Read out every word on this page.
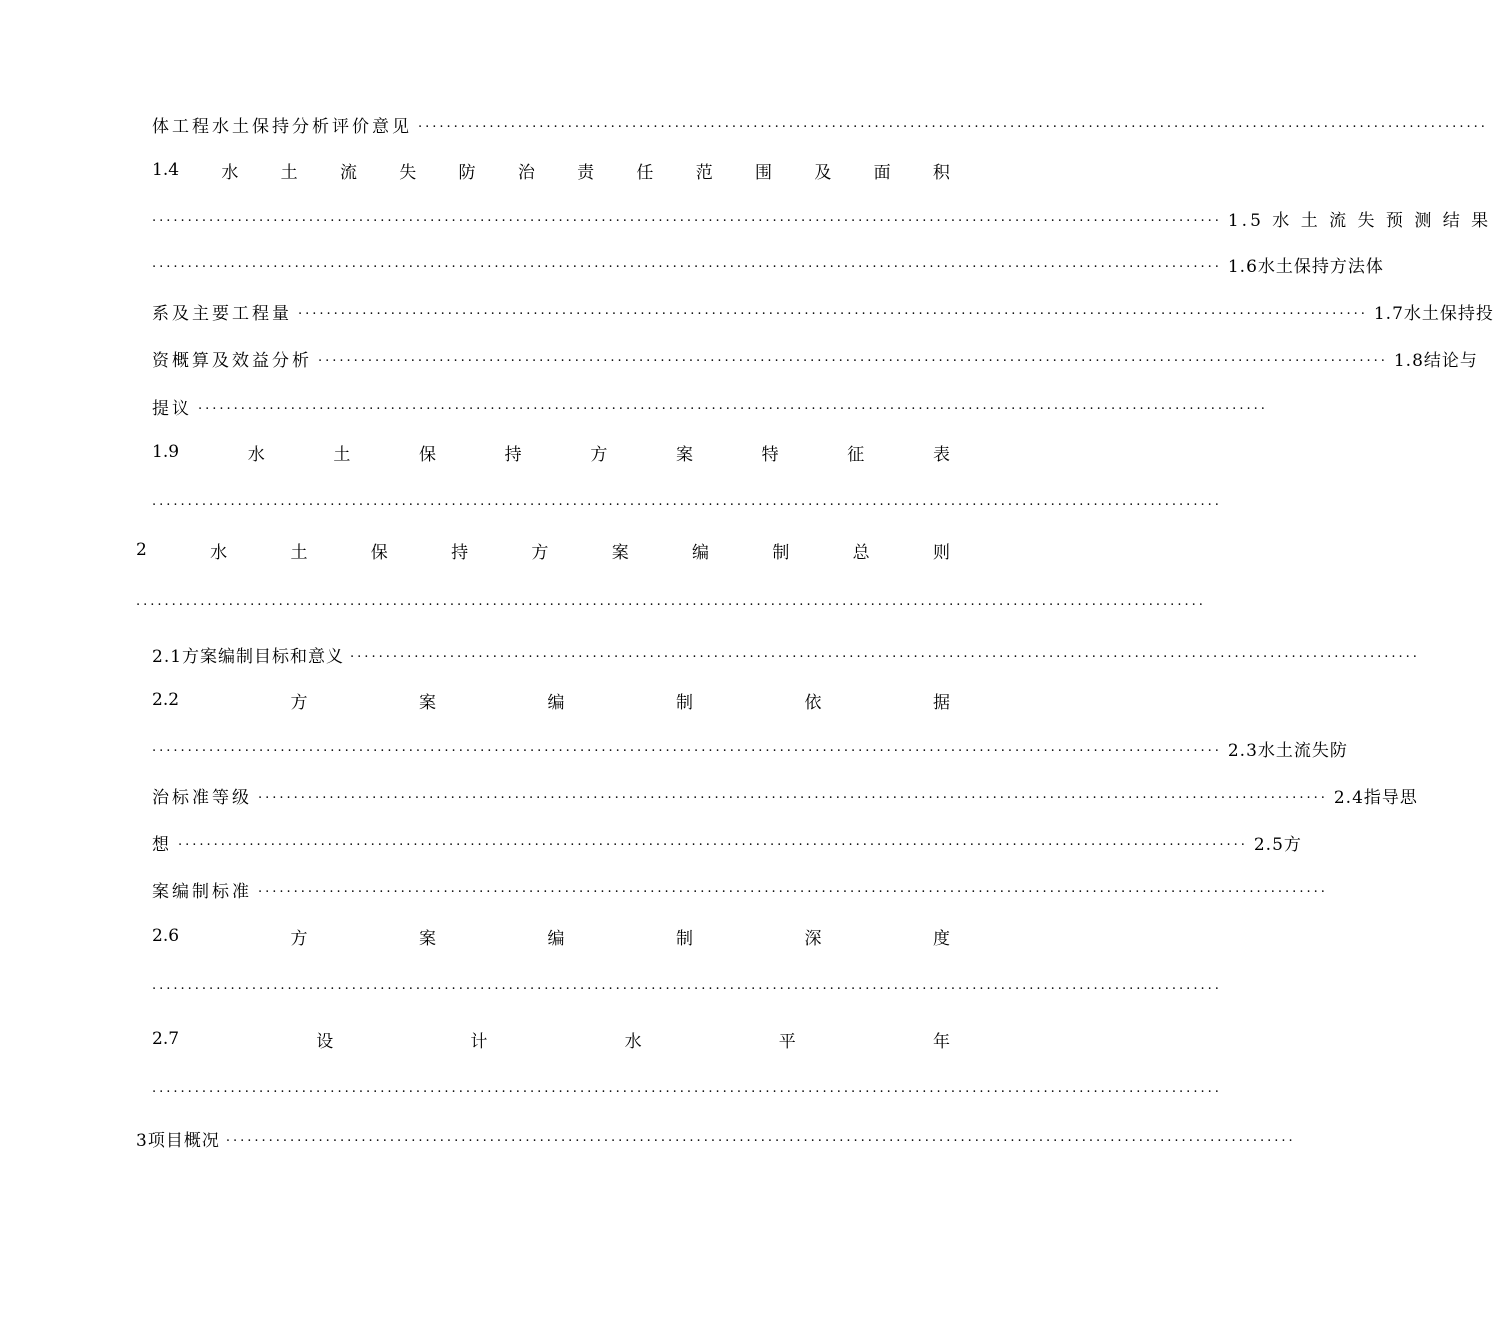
体工程水土保持分析评价意见 ......................................................................................................................................................
1.4 水 土 流 失 防 治 责 任 范 围 及 面 积
...................................................................................................................................................... 1.5 水 土 流 失 预 测 结 果
...................................................................................................................................................... 1.6水土保持方法体
系及主要工程量 ...................................................................................................................................................... 1.7水土保持投
资概算及效益分析 ...................................................................................................................................................... 1.8结论与
提议 ......................................................................................................................................................
1.9	水	土	保	持	方	案	特	征	表
......................................................................................................................................................
2	水	土	保	持	方	案	编	制	总	则
......................................................................................................................................................
2.1方案编制目标和意义 ......................................................................................................................................................
2.2	方	案	编	制	依	据
...................................................................................................................................................... 2.3水土流失防
治标准等级 ...................................................................................................................................................... 2.4指导思
想 ...................................................................................................................................................... 2.5方
案编制标准 ......................................................................................................................................................
2.6	方	案	编	制	深	度
......................................................................................................................................................
2.7	设	计	水	平	年
......................................................................................................................................................
3项目概况 ......................................................................................................................................................
